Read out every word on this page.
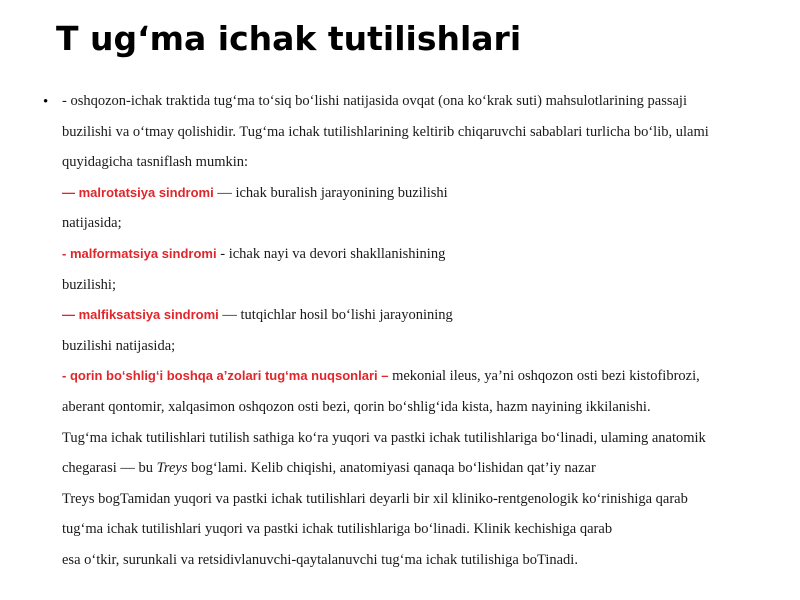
T ug‘ma ichak tutilishlari
• - oshqozon-ichak traktida tug‘ma to‘siq bo‘lishi natijasida ovqat (ona ko‘krak suti) mahsulotlarining passaji
buzilishi va o‘tmay qolishidir. Tug‘ma ichak tutilishlarining keltirib chiqaruvchi sabablari turlicha bo‘lib, ulami
quyidagicha tasniflash mumkin:
— malrotatsiya sindromi — ichak buralish jarayonining buzilishi
natijasida;
- malformatsiya sindromi - ichak nayi va devori shakllanishining
buzilishi;
— malfiksatsiya sindromi — tutqichlar hosil bo‘lishi jarayonining
buzilishi natijasida;
- qorin bo‘shlig‘i boshqa a’zolari tug‘ma nuqsonlari – mekonial ileus, ya’ni oshqozon osti bezi kistofibrozi,
aberant qontomir, xalqasimon oshqozon osti bezi, qorin bo‘shlig‘ida kista, hazm nayining ikkilanishi.
Tug‘ma ichak tutilishlari tutilish sathiga ko‘ra yuqori va pastki ichak tutilishlariga bo‘linadi, ulaming anatomik
chegarasi — bu Treys bog‘lami. Kelib chiqishi, anatomiyasi qanaqa bo‘lishidan qat’iy nazar
Treys bogTamidan yuqori va pastki ichak tutilishlari deyarli bir xil kliniko-rentgenologik ko‘rinishiga qarab
tug‘ma ichak tutilishlari yuqori va pastki ichak tutilishlariga bo‘linadi. Klinik kechishiga qarab
esa o‘tkir, surunkali va retsidivlanuvchi-qaytalanuvchi tug‘ma ichak tutilishiga boTinadi.
